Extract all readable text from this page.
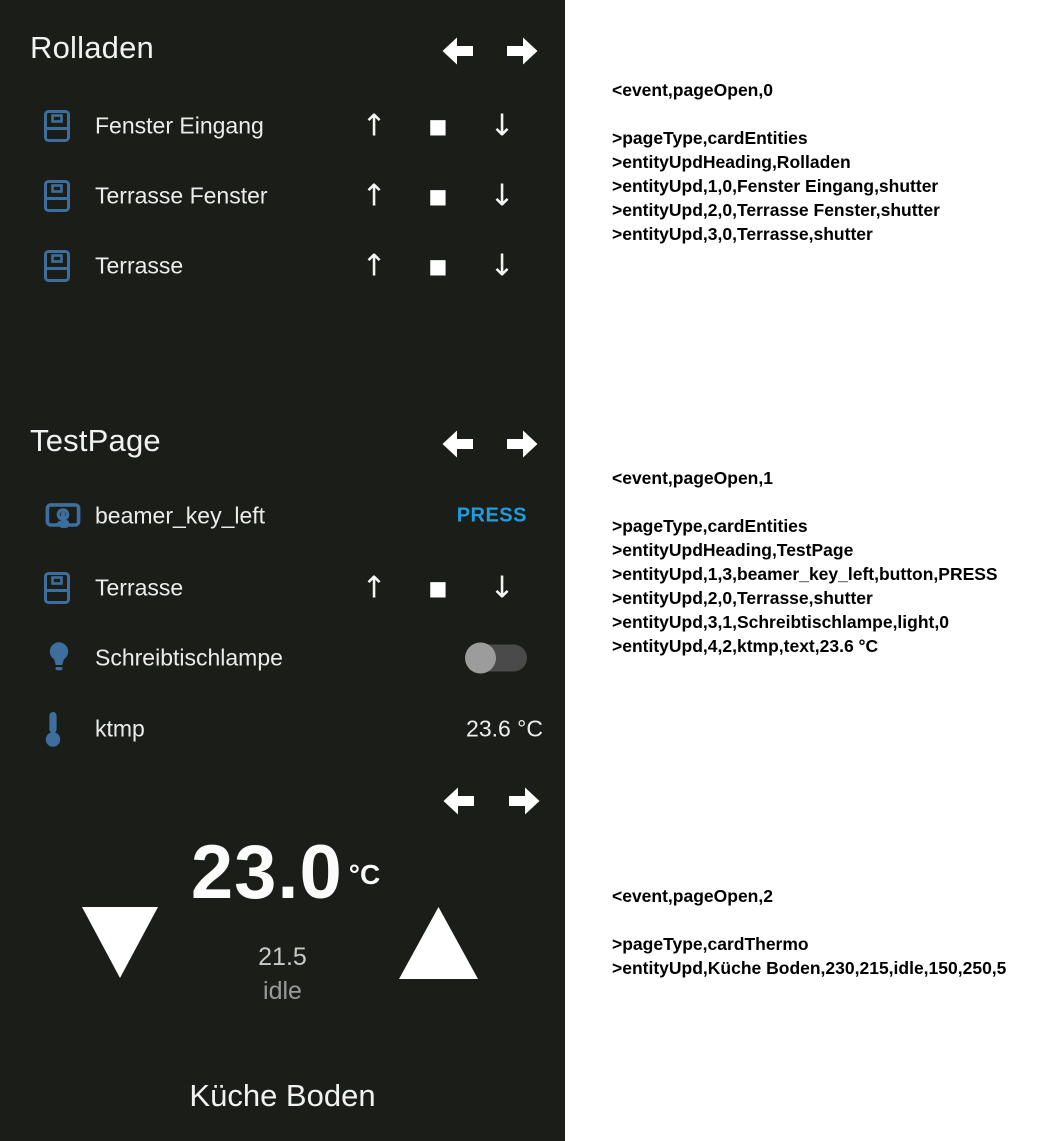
Rolladen
Fenster Eingang	↑	■ ↓
Terrasse Fenster	↑	■ ↓
Terrasse	↑	■ ↓
TestPage
beamer_key_left	PRESS
Terrasse	↑	■ ↓
Schreibtischlampe
ktmp	23.6 °C
23.0 $^{^\circ C}$
21.5
idle
Küche Boden
<event,pageOpen,0
>pageType,cardEntities
>entityUpdHeading,Rolladen
>entityUpd,1,0,Fenster Eingang,shutter
>entityUpd,2,0,Terrasse Fenster,shutter
>entityUpd,3,0,Terrasse,shutter
<event,pageOpen,1
>pageType,cardEntities
>entityUpdHeading,TestPage
>entityUpd,1,3,beamer_key_left,button,PRESS
>entityUpd,2,0,Terrasse,shutter
>entityUpd,3,1,Schreibtischlampe,light,0
>entityUpd,4,2,ktmp,text,23.6 °C
<event,pageOpen,2
>pageType,cardThermo
>entityUpd,Küche Boden,230,215,idle,150,250,5
